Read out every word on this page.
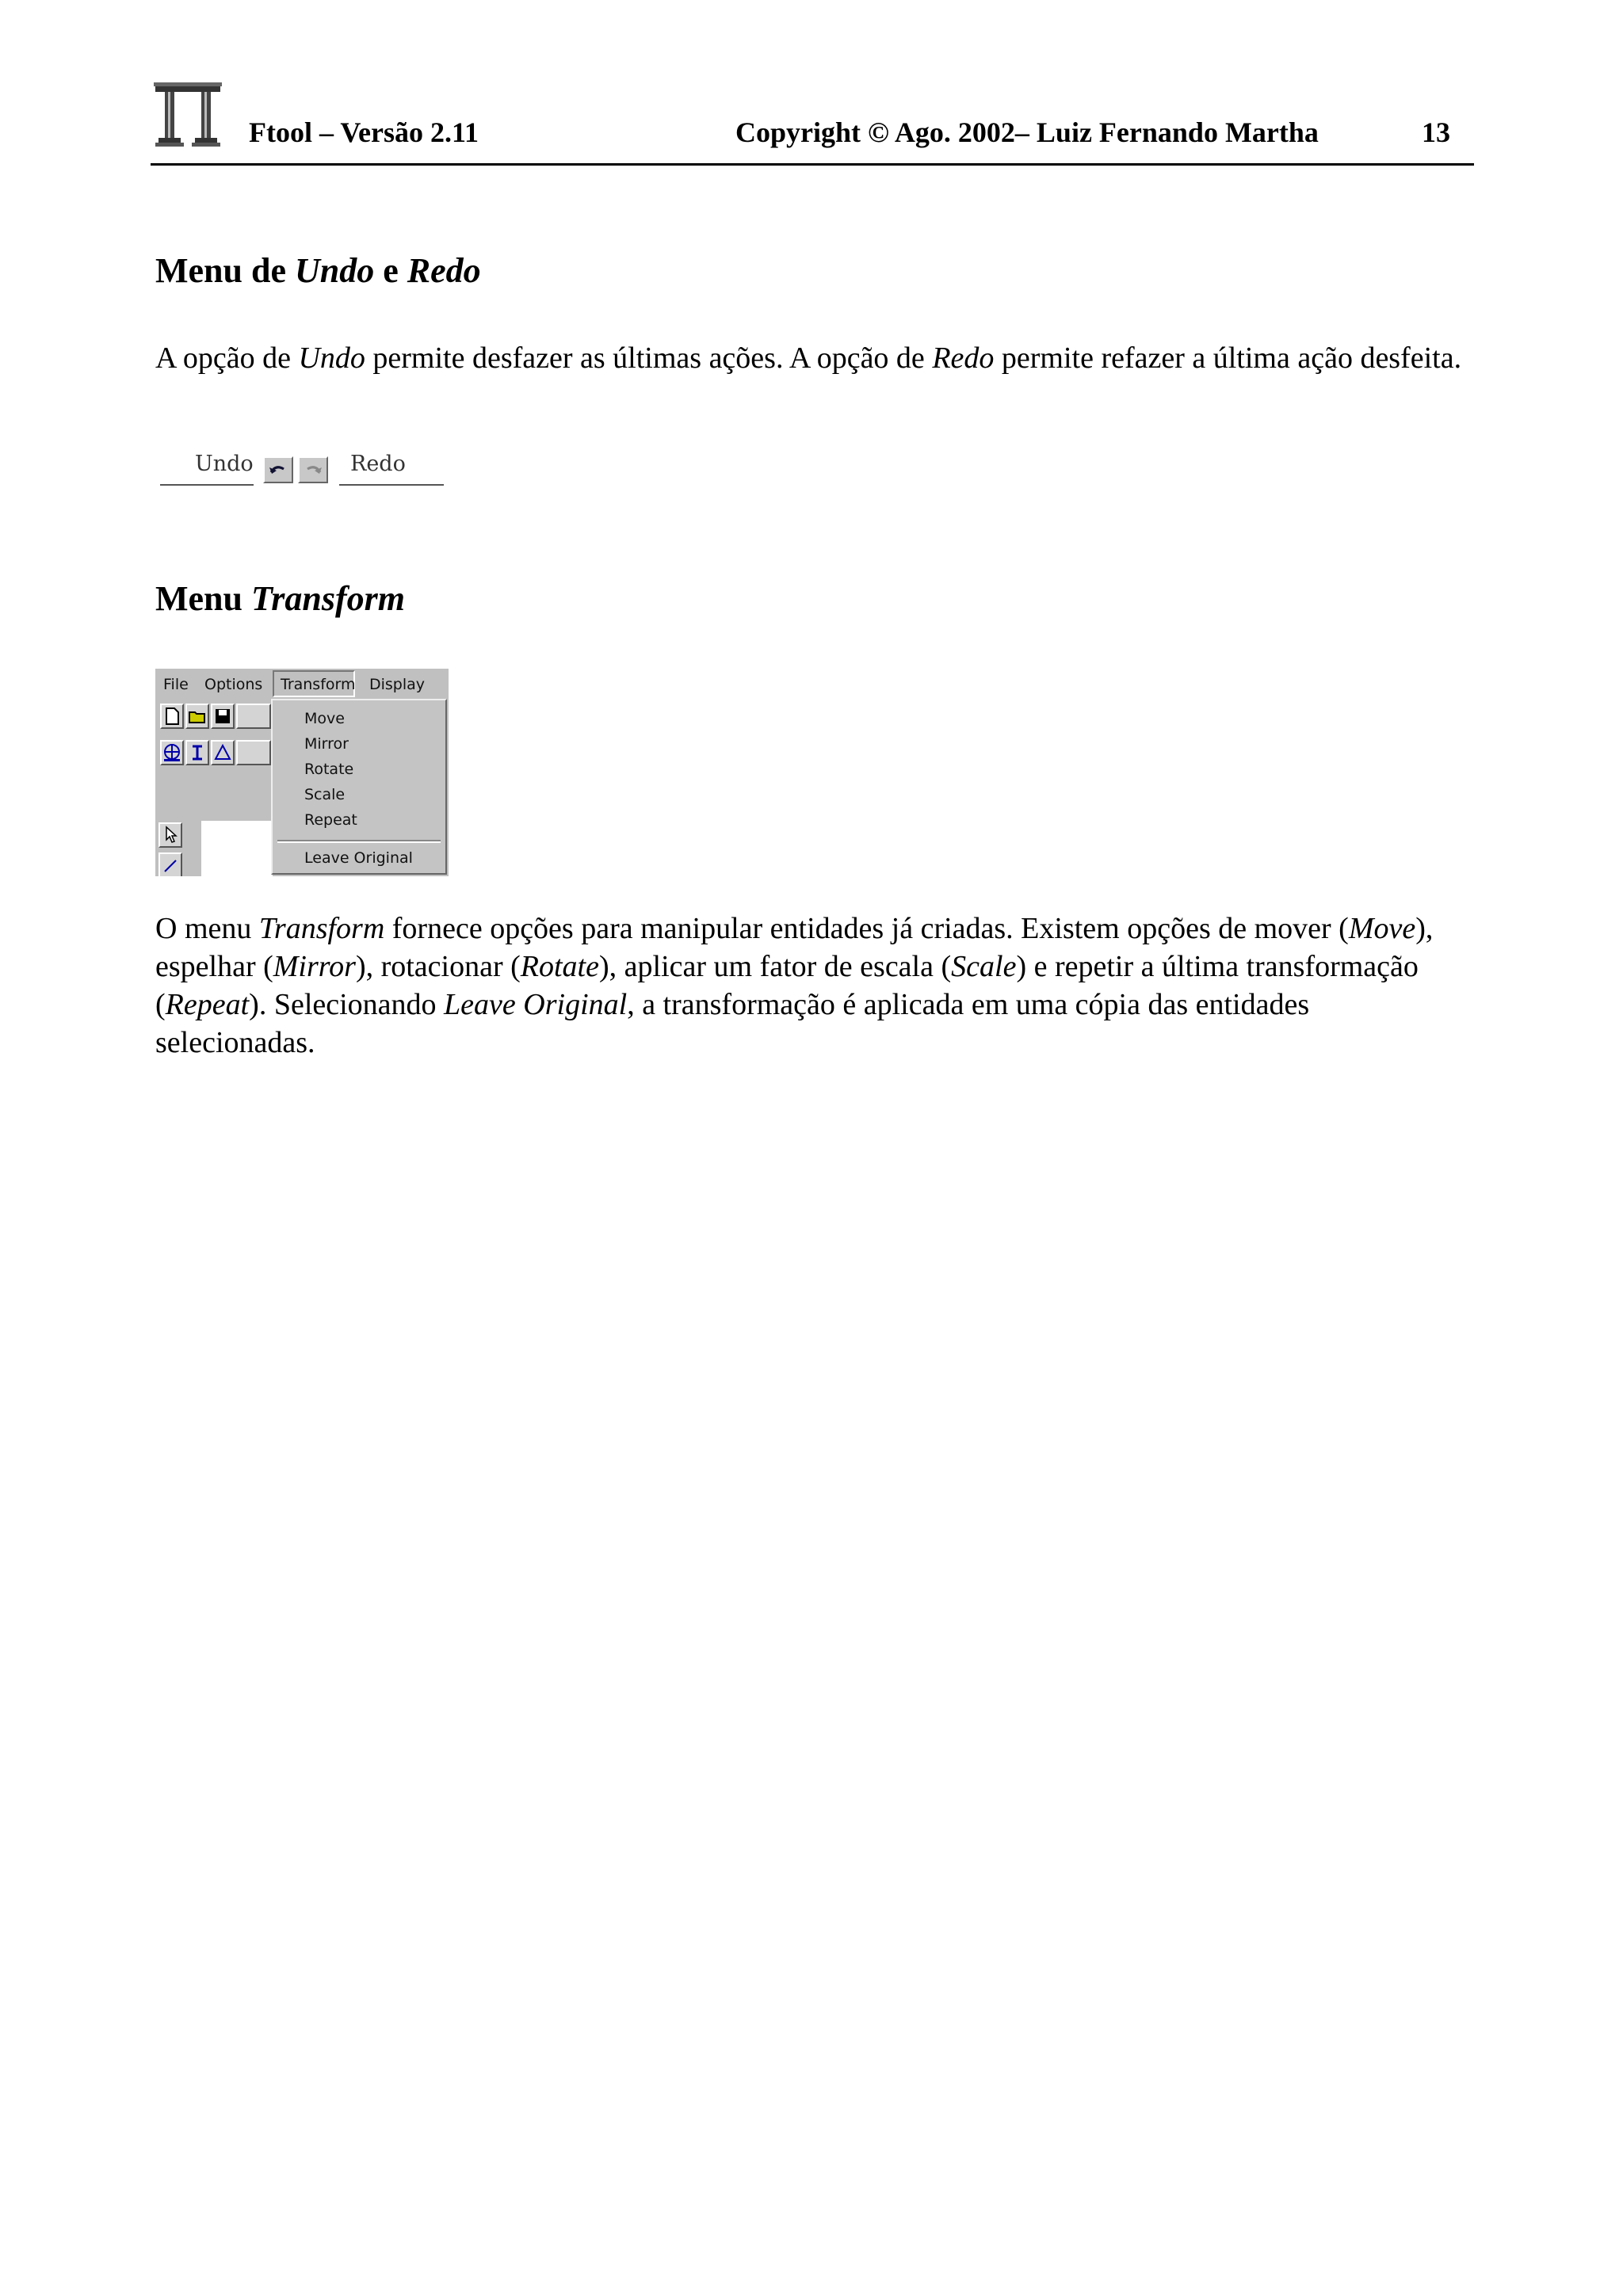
Ftool – Versão 2.11	Copyright © Ago. 2002– Luiz Fernando Martha	13
Menu de Undo e Redo
A opção de Undo permite desfazer as últimas ações. A opção de Redo permite refazer a última ação desfeita.
Undo	Redo
Menu Transform
File Options Transform Display
Move
Mirror
Rotate
Scale
Repeat
Leave Original
O menu Transform fornece opções para manipular entidades já criadas. Existem opções de mover (Move), espelhar (Mirror), rotacionar (Rotate), aplicar um fator de escala (Scale) e repetir a última transformação (Repeat). Selecionando Leave Original, a transformação é aplicada em uma cópia das entidades selecionadas.
